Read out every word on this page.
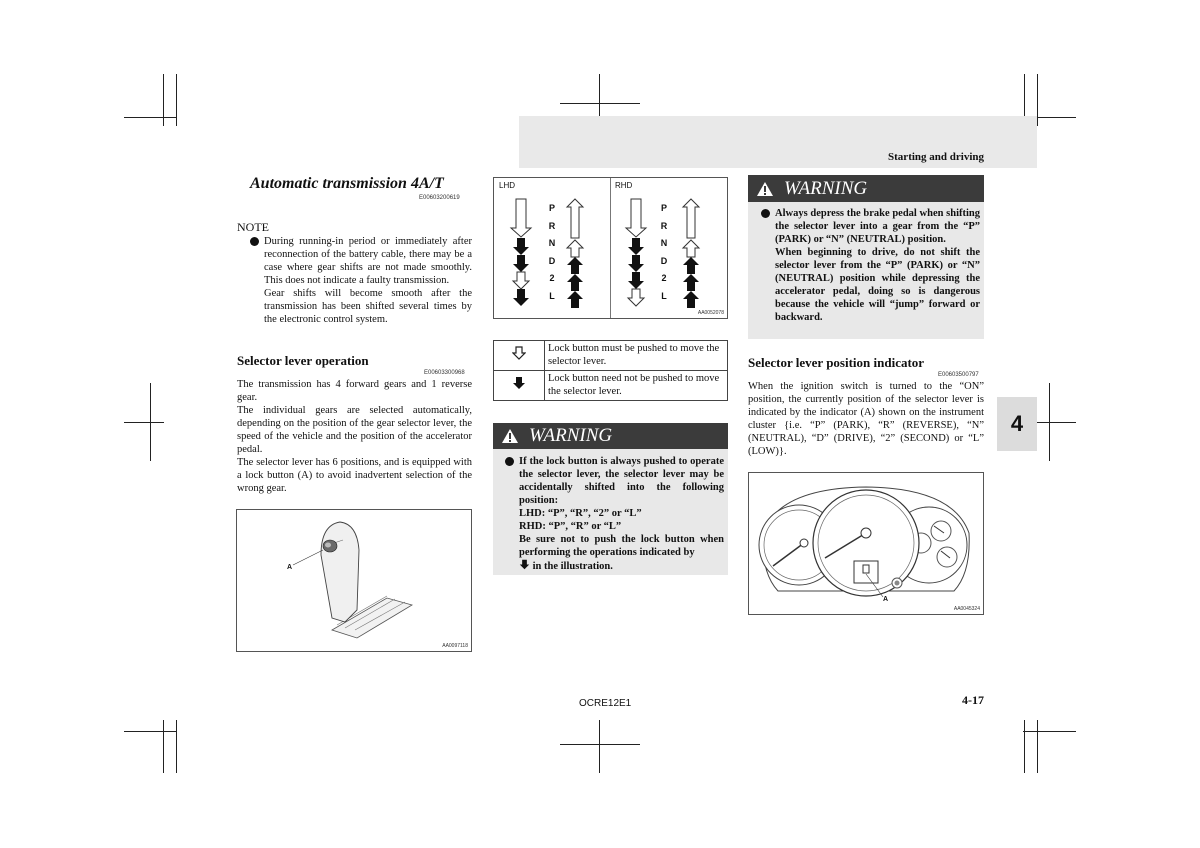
Starting and driving
4
Automatic transmission 4A/T
E00603200619
NOTE
During running-in period or immediately after reconnection of the battery cable, there may be a case where gear shifts are not made smoothly. This does not indicate a faulty transmission.
Gear shifts will become smooth after the transmission has been shifted several times by the electronic control system.
Selector lever operation
E00603300968
The transmission has 4 forward gears and 1 reverse gear.
The individual gears are selected automatically, depending on the position of the gear selector lever, the speed of the vehicle and the position of the accelerator pedal.
The selector lever has 6 positions, and is equipped with a lock button (A) to avoid inadvertent selection of the wrong gear.
A
AA0097118
LHD	RHD
P
R
N
D
2
L
P
R
N
D
2
L
AA0052078
	Lock button must be pushed to move the selector lever.
	Lock button need not be pushed to move the selector lever.
WARNING
If the lock button is always pushed to operate the selector lever, the selector lever may be accidentally shifted into the following position:
LHD: “P”, “R”, “2” or “L”
RHD: “P”, “R” or “L”
Be sure not to push the lock button when performing the operations indicated by
in the illustration.
WARNING
Always depress the brake pedal when shifting the selector lever into a gear from the “P” (PARK) or “N” (NEUTRAL) position.
When beginning to drive, do not shift the selector lever from the “P” (PARK) or “N” (NEUTRAL) position while depressing the accelerator pedal, doing so is dangerous because the vehicle will “jump” forward or backward.
Selector lever position indicator
E00603500797
When the ignition switch is turned to the “ON” position, the currently position of the selector lever is indicated by the indicator (A) shown on the instrument cluster {i.e. “P” (PARK), “R” (REVERSE), “N” (NEUTRAL), “D” (DRIVE), “2” (SECOND) or “L” (LOW)}.
A
AA0045324
OCRE12E1	4-17
